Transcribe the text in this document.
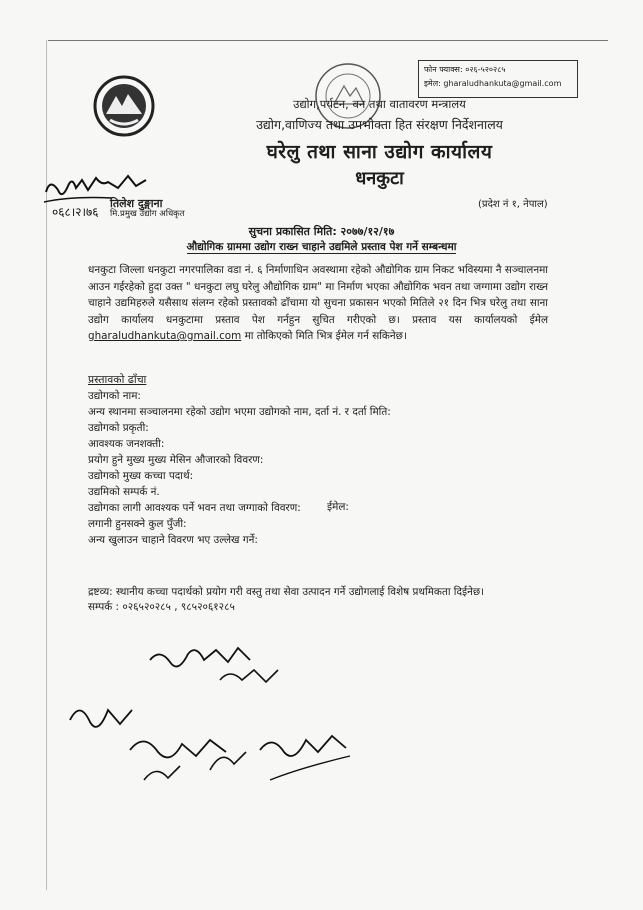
फोन फ्याक्स: ०२६-५२०२८५
इमेल: gharaludhankuta@gmail.com
उद्योग,पर्यटन, वन तथा वातावरण मन्त्रालय
उद्योग,वाणिज्य तथा उपभोक्ता हित संरक्षण निर्देशनालय
घरेलु तथा साना उद्योग कार्यालय
धनकुटा
(प्रदेश नं १, नेपाल)
०६८।२।७६
तिलेश दुङ्गाना
मि.प्रमुख उद्योग अधिकृत
सुचना प्रकासित मिति: २०७७/१२/१७
औद्योगिक ग्राममा उद्योग राख्न चाहाने उद्यमिले प्रस्ताव पेश गर्ने सम्बन्धमा
धनकुटा जिल्ला धनकुटा नगरपालिका वडा नं. ६ निर्माणाधिन अवस्थामा रहेको औद्योगिक ग्राम निकट भविस्यमा नै सञ्चालनमा आउन गईरहेको हुदा उक्त " धनकुटा लघु घरेलु औद्योगिक ग्राम" मा निर्माण भएका औद्योगिक भवन तथा जग्गामा उद्योग राख्न चाहाने उद्यमिहरुले यसैसाथ संलग्न रहेको प्रस्तावको ढाँचामा यो सुचना प्रकासन भएको मितिले २१ दिन भित्र घरेलु तथा साना उद्योग कार्यालय धनकुटामा प्रस्ताव पेश गर्नहुन सुचित गरीएको छ। प्रस्ताव यस कार्यालयको ईमेल gharaludhankuta@gmail.com मा तोकिएको मिति भित्र ईमेल गर्न सकिनेछ।
प्रस्तावको ढाँचा
उद्योगको नाम:
अन्य स्थानमा सञ्चालनमा रहेको उद्योग भएमा उद्योगको नाम, दर्ता नं. र दर्ता मिति:
उद्योगको प्रकृती:
आवश्यक जनशक्ती:
प्रयोग हुने मुख्य मुख्य मेसिन औजारको विवरण:
उद्योगको मुख्य कच्चा पदार्थ:
उद्यमिको सम्पर्क नं.
उद्योगका लागी आवश्यक पर्ने भवन तथा जग्गाको विवरण:
लगानी हुनसक्ने कुल पुँजी:
अन्य खुलाउन चाहाने विवरण भए उल्लेख गर्ने:
ईमेल:
द्रष्टव्य: स्थानीय कच्चा पदार्थको प्रयोग गरी वस्तु तथा सेवा उत्पादन गर्ने उद्योगलाई विशेष प्रथमिकता दिईनेछ।
सम्पर्क : ०२६५२०२८५ , ९८५२०६१२८५
